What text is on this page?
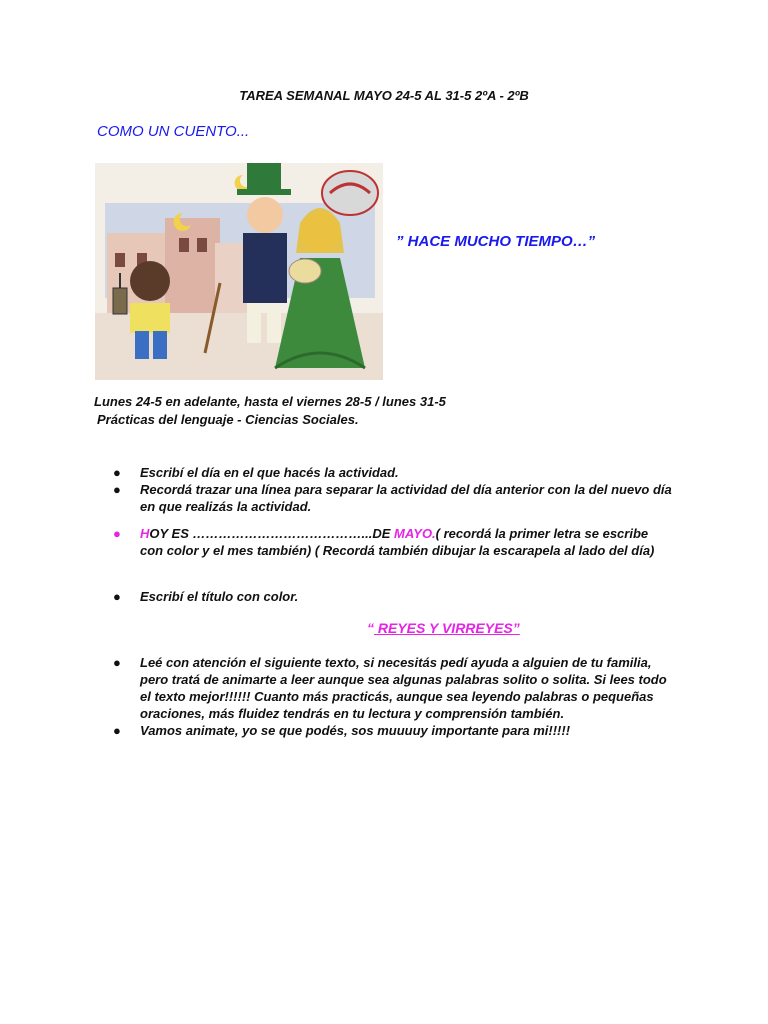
TAREA SEMANAL MAYO 24-5 AL 31-5 2ºA - 2ºB
COMO UN CUENTO...
” HACE MUCHO TIEMPO…”
Lunes 24-5 en adelante, hasta el viernes 28-5 / lunes 31-5
Prácticas del lenguaje - Ciencias Sociales.
● Escribí el día en el que hacés la actividad.
● Recordá trazar una línea para separar la actividad del día anterior con la del nuevo día en que realizás la actividad.
● HOY ES …………………………………...DE MAYO.( recordá la primer letra se escribe con color y el mes también) ( Recordá también dibujar la escarapela al lado del día)
● Escribí el título con color.
“ REYES Y VIRREYES”
● Leé con atención el siguiente texto, si necesitás pedí ayuda a alguien de tu familia, pero tratá de animarte a leer aunque sea algunas palabras solito o solita. Si lees todo el texto mejor!!!!!! Cuanto más practicás, aunque sea leyendo palabras o pequeñas oraciones, más fluidez tendrás en tu lectura y comprensión también.
● Vamos animate, yo se que podés, sos muuuuy importante para mi!!!!!
